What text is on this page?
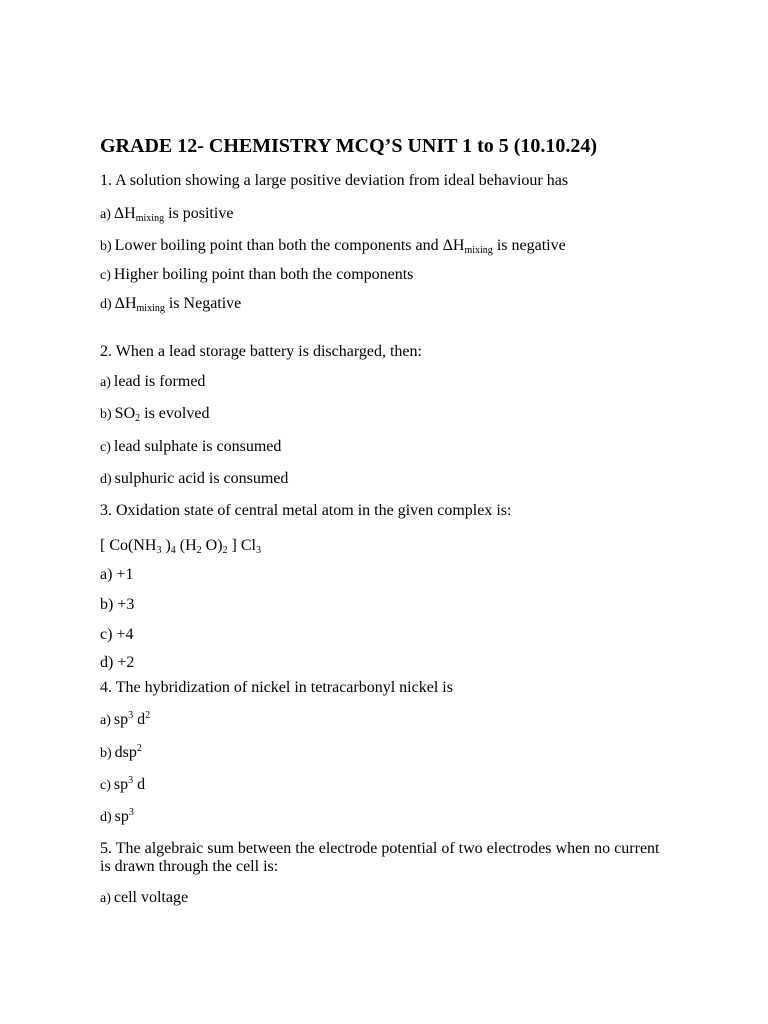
GRADE 12- CHEMISTRY MCQ’S UNIT 1 to 5 (10.10.24)
1. A solution showing a large positive deviation from ideal behaviour has
a) $\Delta H_{mixing}$ is positive
b) Lower boiling point than both the components and $\Delta H_{mixing}$ is negative
c) Higher boiling point than both the components
d) $\Delta H_{mixing}$ is Negative
2. When a lead storage battery is discharged, then:
a) lead is formed
b) $SO_2$ is evolved
c) lead sulphate is consumed
d) sulphuric acid is consumed
3. Oxidation state of central metal atom in the given complex is:
[ $Co(NH_3$ )$_4$ ($H_2$ $O)_2$ ] $Cl_3$
a) +1
b) +3
c) +4
d) +2
4. The hybridization of nickel in tetracarbonyl nickel is
a) $sp^3$ $d^2$
b) dsp$^2$
c) $sp^3$ d
d) $sp^3$
5. The algebraic sum between the electrode potential of two electrodes when no current is drawn through the cell is:
a) cell voltage
